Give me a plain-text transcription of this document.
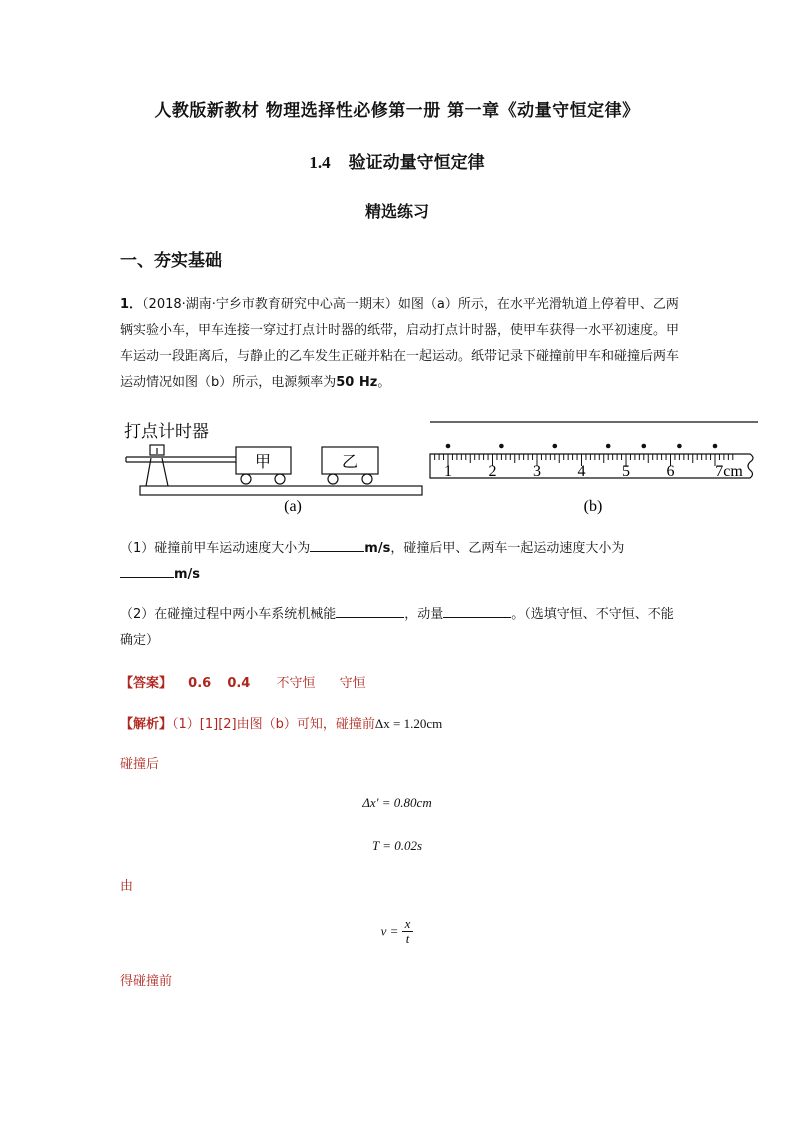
人教版新教材 物理选择性必修第一册 第一章《动量守恒定律》
1.4 验证动量守恒定律
精选练习
一、夯实基础
1．（2018·湖南·宁乡市教育研究中心高一期末）如图（a）所示，在水平光滑轨道上停着甲、乙两辆实验小车，甲车连接一穿过打点计时器的纸带，启动打点计时器，使甲车获得一水平初速度。甲车运动一段距离后，与静止的乙车发生正碰并粘在一起运动。纸带记录下碰撞前甲车和碰撞后两车运动情况如图（b）所示，电源频率为50 Hz。
打点计时器
甲	乙
(a)
1 2 3 4 5 6	7cm
(b)
（1）碰撞前甲车运动速度大小为	m/s，碰撞后甲、乙两车一起运动速度大小为
m/s
（2）在碰撞过程中两小车系统机械能	，动量	。（选填守恒、不守恒、不能确定）
【答案】 0.6 0.4 不守恒 守恒
【解析】（1）[1][2]由图（b）可知，碰撞前Δx = 1.20cm
碰撞后
Δx′ = 0.80cm
T = 0.02s
由
$v = \frac{x}{t}$
得碰撞前
